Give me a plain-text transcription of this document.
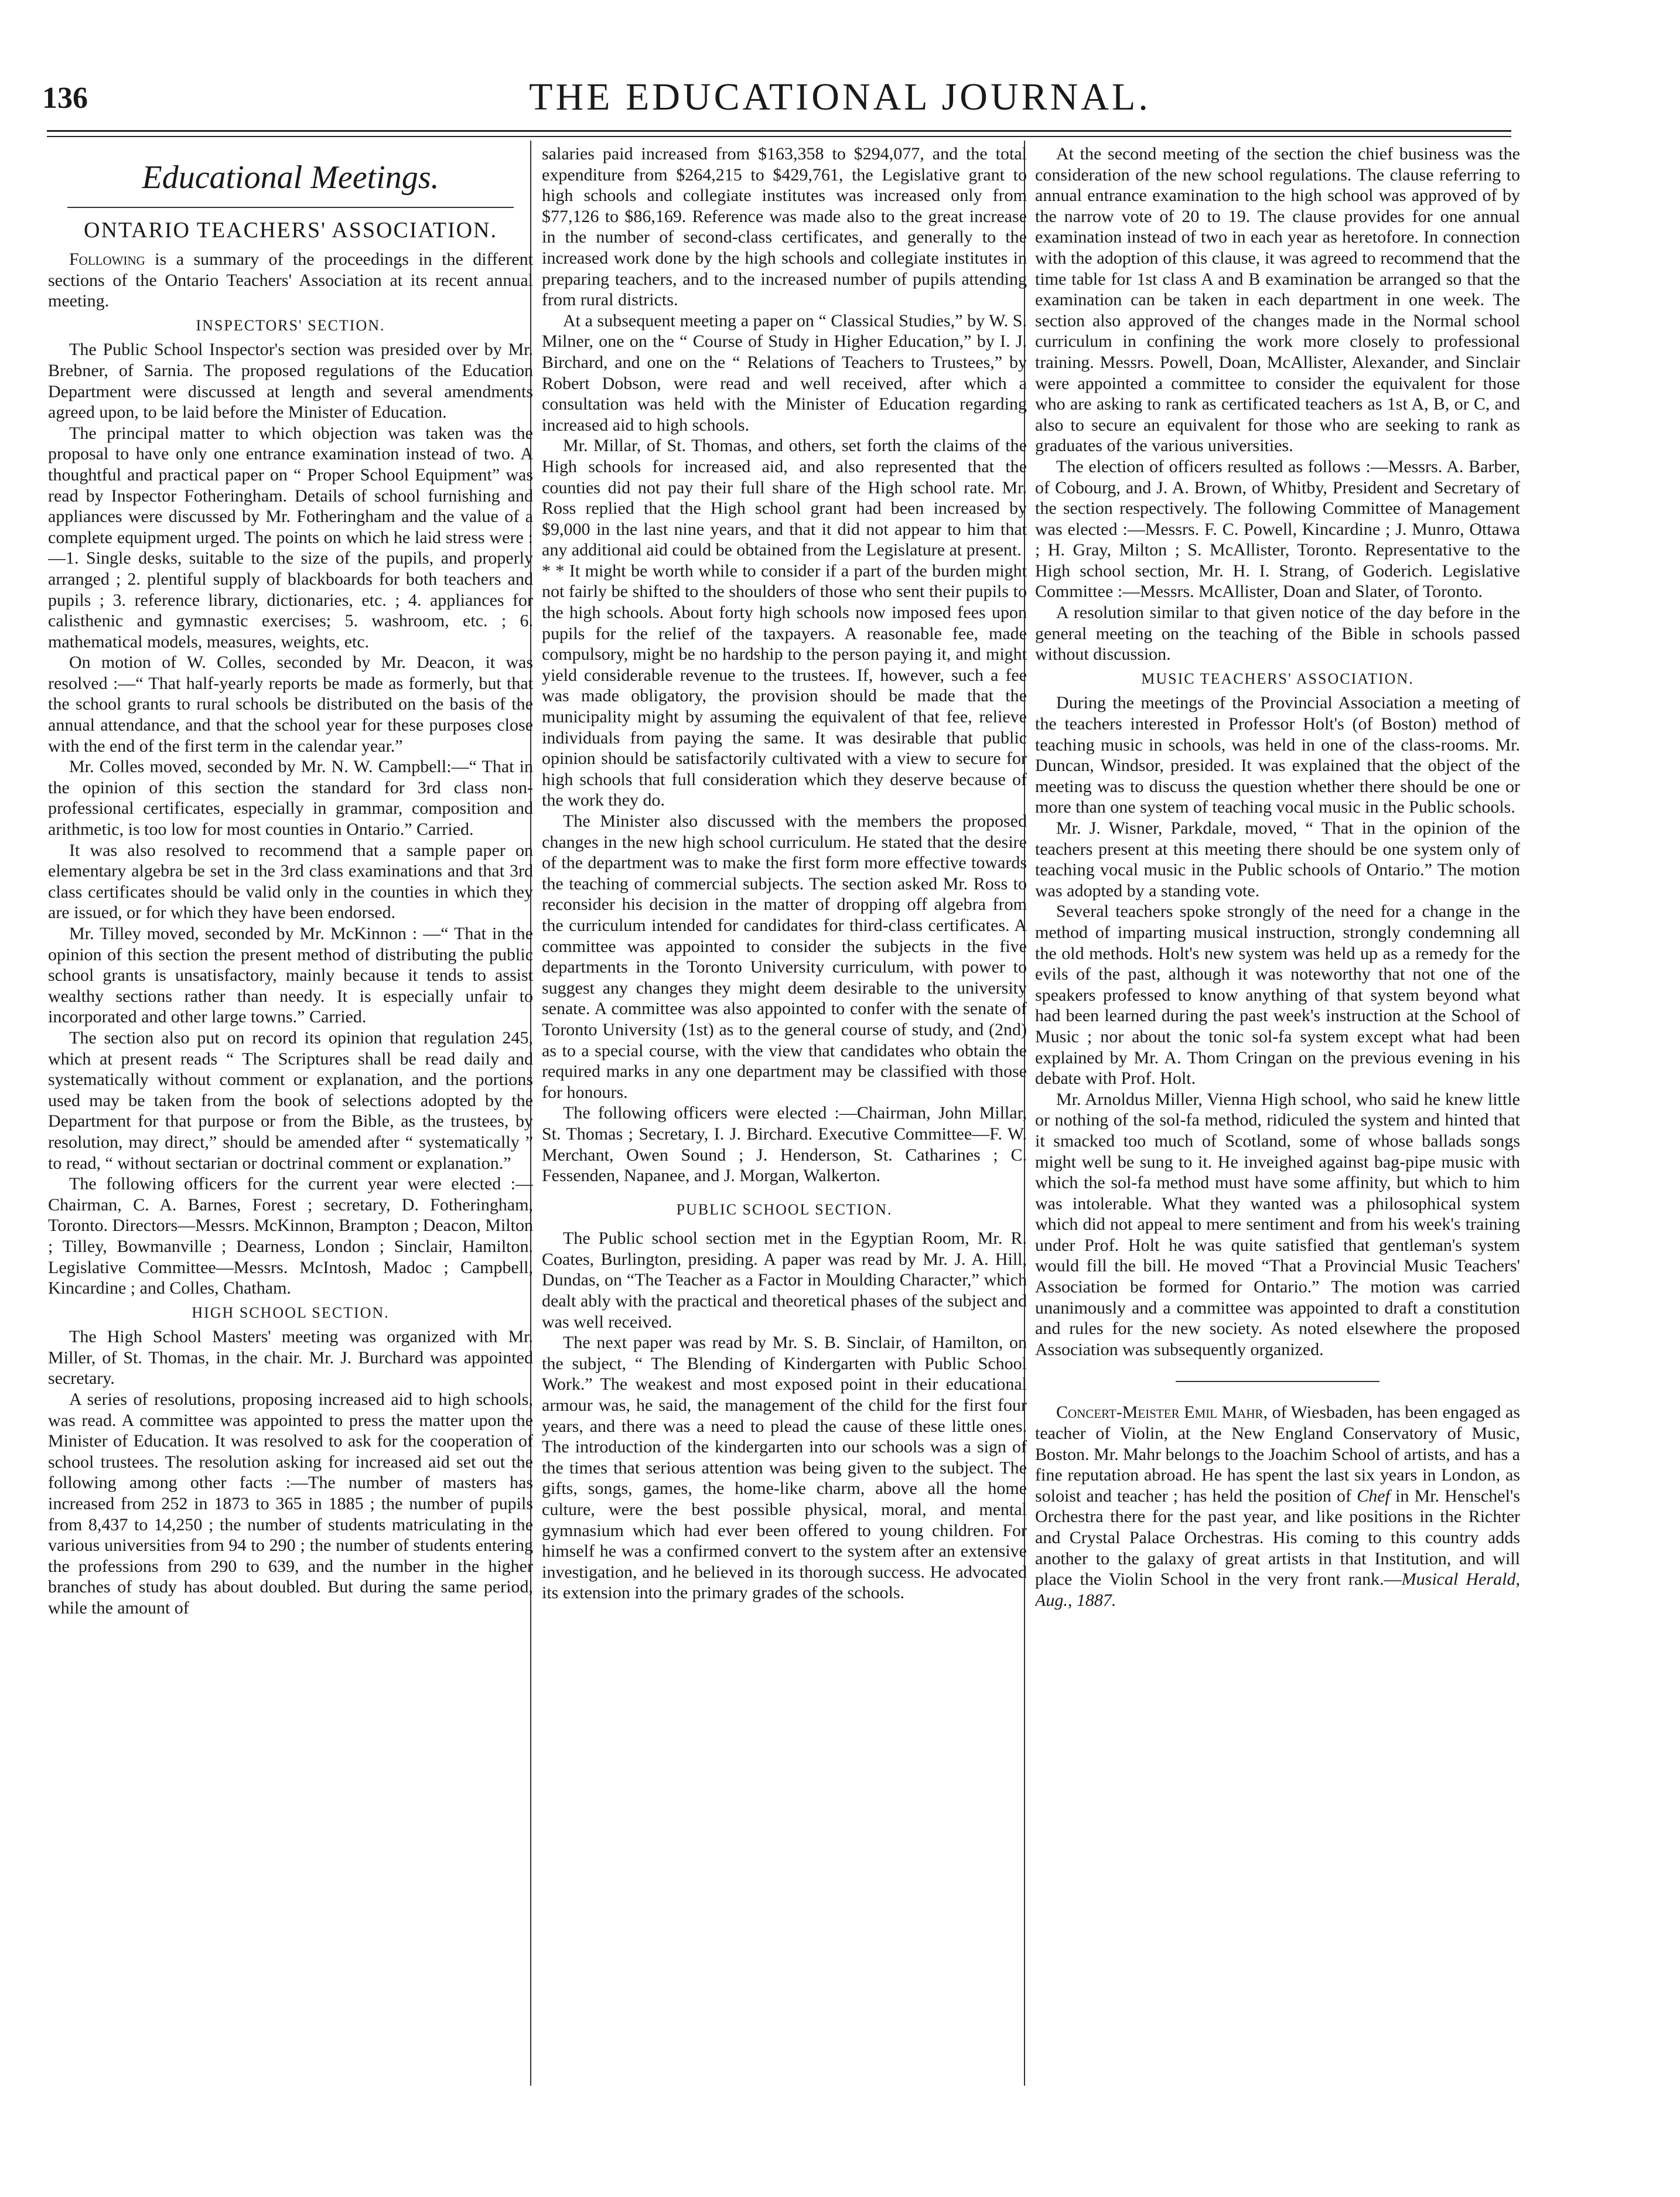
136	THE EDUCATIONAL JOURNAL.
Educational Meetings.
ONTARIO TEACHERS' ASSOCIATION.

Following is a summary of the proceedings in the different sections of the Ontario Teachers' Association at its recent annual meeting.

INSPECTORS' SECTION.

The Public School Inspector's section was presided over by Mr. Brebner, of Sarnia. The proposed regulations of the Education Department were discussed at length and several amendments agreed upon, to be laid before the Minister of Education.

The principal matter to which objection was taken was the proposal to have only one entrance examination instead of two. A thoughtful and practical paper on “ Proper School Equipment” was read by Inspector Fotheringham. Details of school furnishing and appliances were discussed by Mr. Fotheringham and the value of a complete equipment urged. The points on which he laid stress were :—1. Single desks, suitable to the size of the pupils, and properly arranged ; 2. plentiful supply of blackboards for both teachers and pupils ; 3. reference library, dictionaries, etc. ; 4. appliances for calisthenic and gymnastic exercises; 5. washroom, etc. ; 6. mathematical models, measures, weights, etc.

On motion of W. Colles, seconded by Mr. Deacon, it was resolved :—“ That half-yearly reports be made as formerly, but that the school grants to rural schools be distributed on the basis of the annual attendance, and that the school year for these purposes close with the end of the first term in the calendar year.”

Mr. Colles moved, seconded by Mr. N. W. Campbell:—“ That in the opinion of this section the standard for 3rd class non-professional certificates, especially in grammar, composition and arithmetic, is too low for most counties in Ontario.” Carried.

It was also resolved to recommend that a sample paper on elementary algebra be set in the 3rd class examinations and that 3rd class certificates should be valid only in the counties in which they are issued, or for which they have been endorsed.

Mr. Tilley moved, seconded by Mr. McKinnon : —“ That in the opinion of this section the present method of distributing the public school grants is unsatisfactory, mainly because it tends to assist wealthy sections rather than needy. It is especially unfair to incorporated and other large towns.” Carried.

The section also put on record its opinion that regulation 245, which at present reads “ The Scriptures shall be read daily and systematically without comment or explanation, and the portions used may be taken from the book of selections adopted by the Department for that purpose or from the Bible, as the trustees, by resolution, may direct,” should be amended after “ systematically ” to read, “ without sectarian or doctrinal comment or explanation.”

The following officers for the current year were elected :—Chairman, C. A. Barnes, Forest ; secretary, D. Fotheringham, Toronto. Directors—Messrs. McKinnon, Brampton ; Deacon, Milton ; Tilley, Bowmanville ; Dearness, London ; Sinclair, Hamilton. Legislative Committee—Messrs. McIntosh, Madoc ; Campbell, Kincardine ; and Colles, Chatham.

HIGH SCHOOL SECTION.

The High School Masters' meeting was organized with Mr. Miller, of St. Thomas, in the chair. Mr. J. Burchard was appointed secretary.

A series of resolutions, proposing increased aid to high schools, was read. A committee was appointed to press the matter upon the Minister of Education. It was resolved to ask for the cooperation of school trustees. The resolution asking for increased aid set out the following among other facts :—The number of masters has increased from 252 in 1873 to 365 in 1885 ; the number of pupils from 8,437 to 14,250 ; the number of students matriculating in the various universities from 94 to 290 ; the number of students entering the professions from 290 to 639, and the number in the higher branches of study has about doubled. But during the same period, while the amount of

salaries paid increased from $163,358 to $294,077, and the total expenditure from $264,215 to $429,761, the Legislative grant to high schools and collegiate institutes was increased only from $77,126 to $86,169. Reference was made also to the great increase in the number of second-class certificates, and generally to the increased work done by the high schools and collegiate institutes in preparing teachers, and to the increased number of pupils attending from rural districts.

At a subsequent meeting a paper on “ Classical Studies,” by W. S. Milner, one on the “ Course of Study in Higher Education,” by I. J. Birchard, and one on the “ Relations of Teachers to Trustees,” by Robert Dobson, were read and well received, after which a consultation was held with the Minister of Education regarding increased aid to high schools.

Mr. Millar, of St. Thomas, and others, set forth the claims of the High schools for increased aid, and also represented that the counties did not pay their full share of the High school rate. Mr. Ross replied that the High school grant had been increased by $9,000 in the last nine years, and that it did not appear to him that any additional aid could be obtained from the Legislature at present.

* * It might be worth while to consider if a part of the burden might not fairly be shifted to the shoulders of those who sent their pupils to the high schools. About forty high schools now imposed fees upon pupils for the relief of the taxpayers. A reasonable fee, made compulsory, might be no hardship to the person paying it, and might yield considerable revenue to the trustees. If, however, such a fee was made obligatory, the provision should be made that the municipality might by assuming the equivalent of that fee, relieve individuals from paying the same. It was desirable that public opinion should be satisfactorily cultivated with a view to secure for high schools that full consideration which they deserve because of the work they do.

The Minister also discussed with the members the proposed changes in the new high school curriculum. He stated that the desire of the department was to make the first form more effective towards the teaching of commercial subjects. The section asked Mr. Ross to reconsider his decision in the matter of dropping off algebra from the curriculum intended for candidates for third-class certificates. A committee was appointed to consider the subjects in the five departments in the Toronto University curriculum, with power to suggest any changes they might deem desirable to the university senate. A committee was also appointed to confer with the senate of Toronto University (1st) as to the general course of study, and (2nd) as to a special course, with the view that candidates who obtain the required marks in any one department may be classified with those for honours.

The following officers were elected :—Chairman, John Millar, St. Thomas ; Secretary, I. J. Birchard. Executive Committee—F. W. Merchant, Owen Sound ; J. Henderson, St. Catharines ; C. Fessenden, Napanee, and J. Morgan, Walkerton.

PUBLIC SCHOOL SECTION.

The Public school section met in the Egyptian Room, Mr. R. Coates, Burlington, presiding. A paper was read by Mr. J. A. Hill, Dundas, on “The Teacher as a Factor in Moulding Character,” which dealt ably with the practical and theoretical phases of the subject and was well received.

The next paper was read by Mr. S. B. Sinclair, of Hamilton, on the subject, “ The Blending of Kindergarten with Public School Work.” The weakest and most exposed point in their educational armour was, he said, the management of the child for the first four years, and there was a need to plead the cause of these little ones. The introduction of the kindergarten into our schools was a sign of the times that serious attention was being given to the subject. The gifts, songs, games, the home-like charm, above all the home culture, were the best possible physical, moral, and mental gymnasium which had ever been offered to young children. For himself he was a confirmed convert to the system after an extensive investigation, and he believed in its thorough success. He advocated its extension into the primary grades of the schools.

At the second meeting of the section the chief business was the consideration of the new school regulations. The clause referring to annual entrance examination to the high school was approved of by the narrow vote of 20 to 19. The clause provides for one annual examination instead of two in each year as heretofore. In connection with the adoption of this clause, it was agreed to recommend that the time table for 1st class A and B examination be arranged so that the examination can be taken in each department in one week. The section also approved of the changes made in the Normal school curriculum in confining the work more closely to professional training. Messrs. Powell, Doan, McAllister, Alexander, and Sinclair were appointed a committee to consider the equivalent for those who are asking to rank as certificated teachers as 1st A, B, or C, and also to secure an equivalent for those who are seeking to rank as graduates of the various universities.

The election of officers resulted as follows :—Messrs. A. Barber, of Cobourg, and J. A. Brown, of Whitby, President and Secretary of the section respectively. The following Committee of Management was elected :—Messrs. F. C. Powell, Kincardine ; J. Munro, Ottawa ; H. Gray, Milton ; S. McAllister, Toronto. Representative to the High school section, Mr. H. I. Strang, of Goderich. Legislative Committee :—Messrs. McAllister, Doan and Slater, of Toronto.

A resolution similar to that given notice of the day before in the general meeting on the teaching of the Bible in schools passed without discussion.

MUSIC TEACHERS' ASSOCIATION.

During the meetings of the Provincial Association a meeting of the teachers interested in Professor Holt's (of Boston) method of teaching music in schools, was held in one of the class-rooms. Mr. Duncan, Windsor, presided. It was explained that the object of the meeting was to discuss the question whether there should be one or more than one system of teaching vocal music in the Public schools.

Mr. J. Wisner, Parkdale, moved, “ That in the opinion of the teachers present at this meeting there should be one system only of teaching vocal music in the Public schools of Ontario.” The motion was adopted by a standing vote.

Several teachers spoke strongly of the need for a change in the method of imparting musical instruction, strongly condemning all the old methods. Holt's new system was held up as a remedy for the evils of the past, although it was noteworthy that not one of the speakers professed to know anything of that system beyond what had been learned during the past week's instruction at the School of Music ; nor about the tonic sol-fa system except what had been explained by Mr. A. Thom Cringan on the previous evening in his debate with Prof. Holt.

Mr. Arnoldus Miller, Vienna High school, who said he knew little or nothing of the sol-fa method, ridiculed the system and hinted that it smacked too much of Scotland, some of whose ballads songs might well be sung to it. He inveighed against bag-pipe music with which the sol-fa method must have some affinity, but which to him was intolerable. What they wanted was a philosophical system which did not appeal to mere sentiment and from his week's training under Prof. Holt he was quite satisfied that gentleman's system would fill the bill. He moved “That a Provincial Music Teachers' Association be formed for Ontario.” The motion was carried unanimously and a committee was appointed to draft a constitution and rules for the new society. As noted elsewhere the proposed Association was subsequently organized.

Concert-Meister Emil Mahr, of Wiesbaden, has been engaged as teacher of Violin, at the New England Conservatory of Music, Boston. Mr. Mahr belongs to the Joachim School of artists, and has a fine reputation abroad. He has spent the last six years in London, as soloist and teacher ; has held the position of Chef in Mr. Henschel's Orchestra there for the past year, and like positions in the Richter and Crystal Palace Orchestras. His coming to this country adds another to the galaxy of great artists in that Institution, and will place the Violin School in the very front rank.—Musical Herald, Aug., 1887.
